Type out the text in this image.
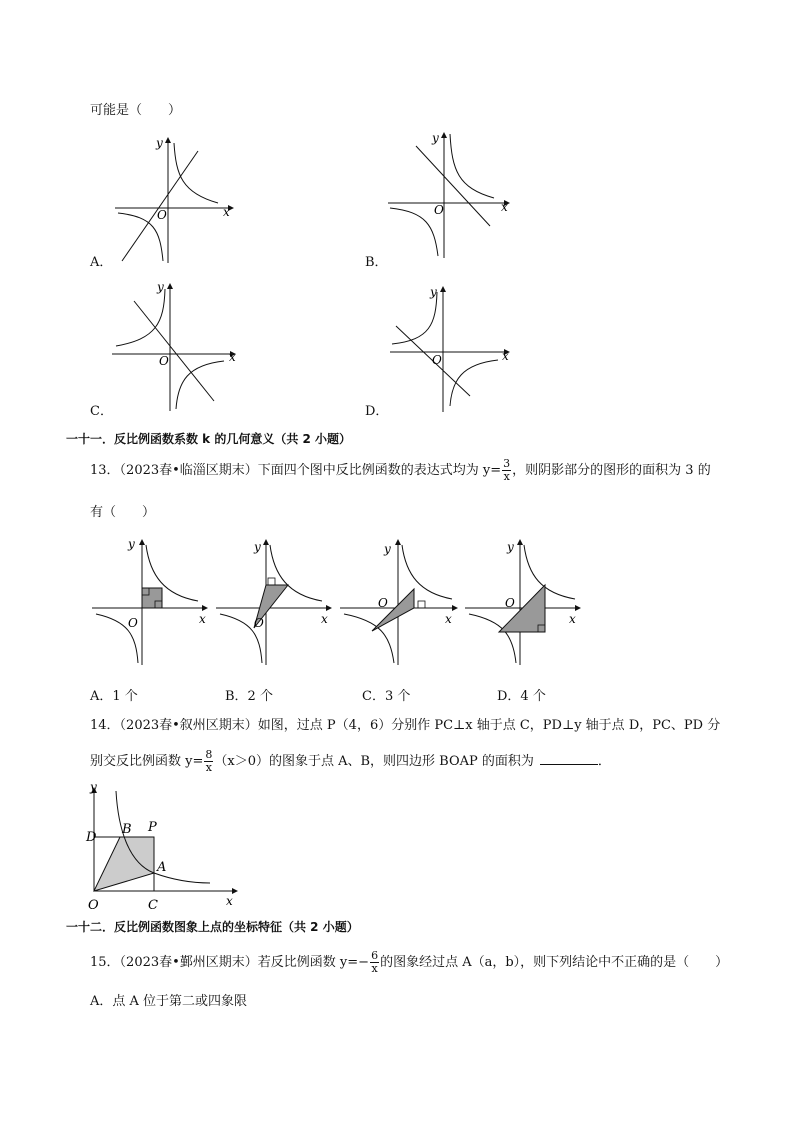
可能是（　　）
y
x
O
A．
y
x
O
B．
y
x
O
C．
y
x
O
D．
一十一．反比例函数系数 k 的几何意义（共 2 小题）
13．（2023春•临淄区期末）下面四个图中反比例函数的表达式均为 $y= \frac{3}{x}$ ，则阴影部分的图形的面积为 3 的
有（　　）
y
x
O
y
x
O
y
x
O
y
x
O
A．1 个	B．2 个	C．3 个	D．4 个
14．（2023春•叙州区期末）如图，过点 P（4，6）分别作 PC⊥x 轴于点 C，PD⊥y 轴于点 D，PC、PD 分
别交反比例函数 $y= \frac{8}{x} (x>0)$的图象于点 A、B，则四边形 BOAP 的面积为	．
D
B P
A
O	C	x
y
一十二．反比例函数图象上点的坐标特征（共 2 小题）
15．（2023春•鄞州区期末）若反比例函数 $y=- \frac{6}{x}$ 的图象经过点 A（a，b），则下列结论中不正确的是（　　）
A．点 A 位于第二或四象限
